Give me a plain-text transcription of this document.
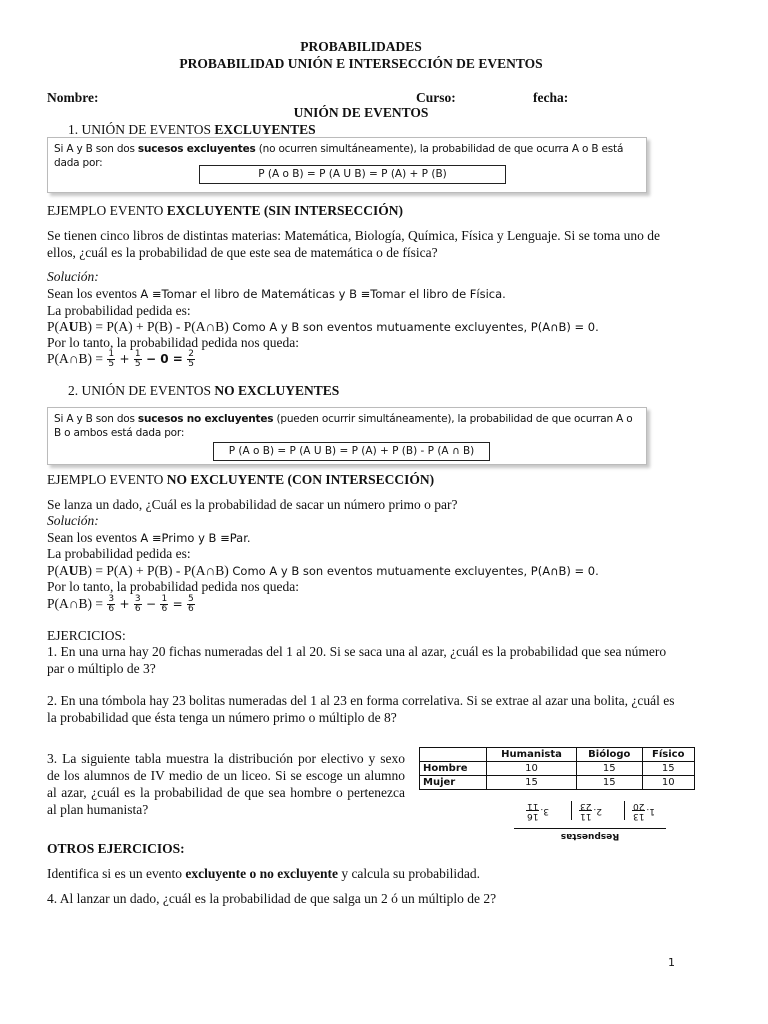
PROBABILIDADES
PROBABILIDAD UNIÓN E INTERSECCIÓN DE EVENTOS
Nombre:	Curso:	fecha:
UNIÓN DE EVENTOS
1. UNIÓN DE EVENTOS EXCLUYENTES
Si A y B son dos sucesos excluyentes (no ocurren simultáneamente), la probabilidad de que ocurra A o B está dada por:
P (A o B) = P (A U B) = P (A) + P (B)
EJEMPLO EVENTO EXCLUYENTE (SIN INTERSECCIÓN)
Se tienen cinco libros de distintas materias: Matemática, Biología, Química, Física y Lenguaje. Si se toma uno de ellos, ¿cuál es la probabilidad de que este sea de matemática o de física?
Solución:
Sean los eventos A ≡Tomar el libro de Matemáticas y B ≡Tomar el libro de Física.
La probabilidad pedida es:
P(AUB) = P(A) + P(B) - P(A∩B) Como A y B son eventos mutuamente excluyentes, P(A∩B) = 0.
Por lo tanto, la probabilidad pedida nos queda:
P(A∩B) = $\frac{1}{5} + \frac{1}{5} - 0 = \frac{2}{5}$
2. UNIÓN DE EVENTOS NO EXCLUYENTES
Si A y B son dos sucesos no excluyentes (pueden ocurrir simultáneamente), la probabilidad de que ocurran A o B o ambos está dada por:
P (A o B) = P (A U B) = P (A) + P (B) - P (A ∩ B)
EJEMPLO EVENTO NO EXCLUYENTE (CON INTERSECCIÓN)
Se lanza un dado, ¿Cuál es la probabilidad de sacar un número primo o par?
Solución:
Sean los eventos A ≡Primo y B ≡Par.
La probabilidad pedida es:
P(AUB) = P(A) + P(B) - P(A∩B) Como A y B son eventos mutuamente excluyentes, P(A∩B) = 0.
Por lo tanto, la probabilidad pedida nos queda:
P(A∩B) = $\frac{3}{6} + \frac{3}{6} - \frac{1}{6} = \frac{5}{6}$
EJERCICIOS:
1. En una urna hay 20 fichas numeradas del 1 al 20. Si se saca una al azar, ¿cuál es la probabilidad que sea número par o múltiplo de 3?
2. En una tómbola hay 23 bolitas numeradas del 1 al 23 en forma correlativa. Si se extrae al azar una bolita, ¿cuál es la probabilidad que ésta tenga un número primo o múltiplo de 8?
3. La siguiente tabla muestra la distribución por electivo y sexo de los alumnos de IV medio de un liceo. Si se escoge un alumno al azar, ¿cuál es la probabilidad de que sea hombre o pertenezca al plan humanista?
	Humanista	Biólogo	Físico
Hombre	10	15	15
Mujer	15	15	10
Respuestas
1.
13
20
2.
11
23
3.
16
11
OTROS EJERCICIOS:
Identifica si es un evento excluyente o no excluyente y calcula su probabilidad.
4. Al lanzar un dado, ¿cuál es la probabilidad de que salga un 2 ó un múltiplo de 2?
1
